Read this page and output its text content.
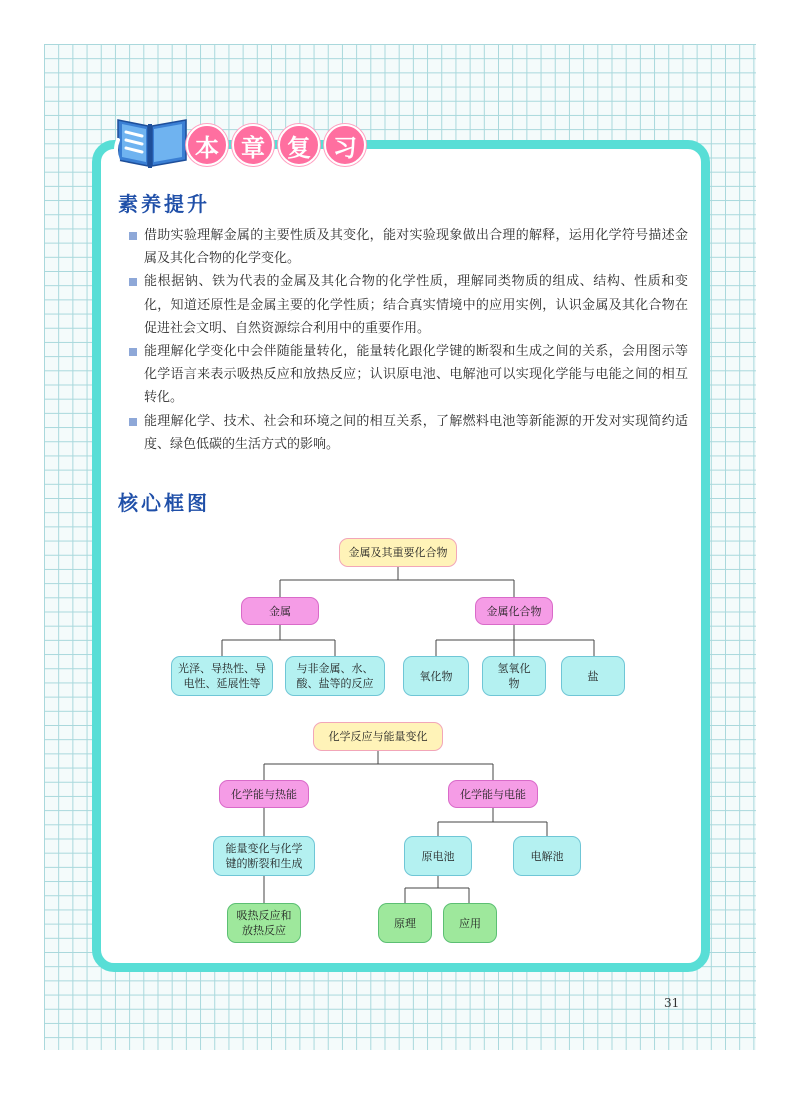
本 章 复 习
素养提升
借助实验理解金属的主要性质及其变化，能对实验现象做出合理的解释，运用化学符号描述金属及其化合物的化学变化。
能根据钠、铁为代表的金属及其化合物的化学性质，理解同类物质的组成、结构、性质和变化，知道还原性是金属主要的化学性质；结合真实情境中的应用实例，认识金属及其化合物在促进社会文明、自然资源综合利用中的重要作用。
能理解化学变化中会伴随能量转化，能量转化跟化学键的断裂和生成之间的关系，会用图示等化学语言来表示吸热反应和放热反应；认识原电池、电解池可以实现化学能与电能之间的相互转化。
能理解化学、技术、社会和环境之间的相互关系，了解燃料电池等新能源的开发对实现简约适度、绿色低碳的生活方式的影响。
核心框图
金属及其重要化合物
金属	金属化合物
光泽、导热性、导电性、延展性等
与非金属、水、酸、盐等的反应
氧化物
氢氧化物
盐
化学反应与能量变化
化学能与热能	化学能与电能
能量变化与化学键的断裂和生成
原电池	电解池
吸热反应和放热反应
原理	应用
31
